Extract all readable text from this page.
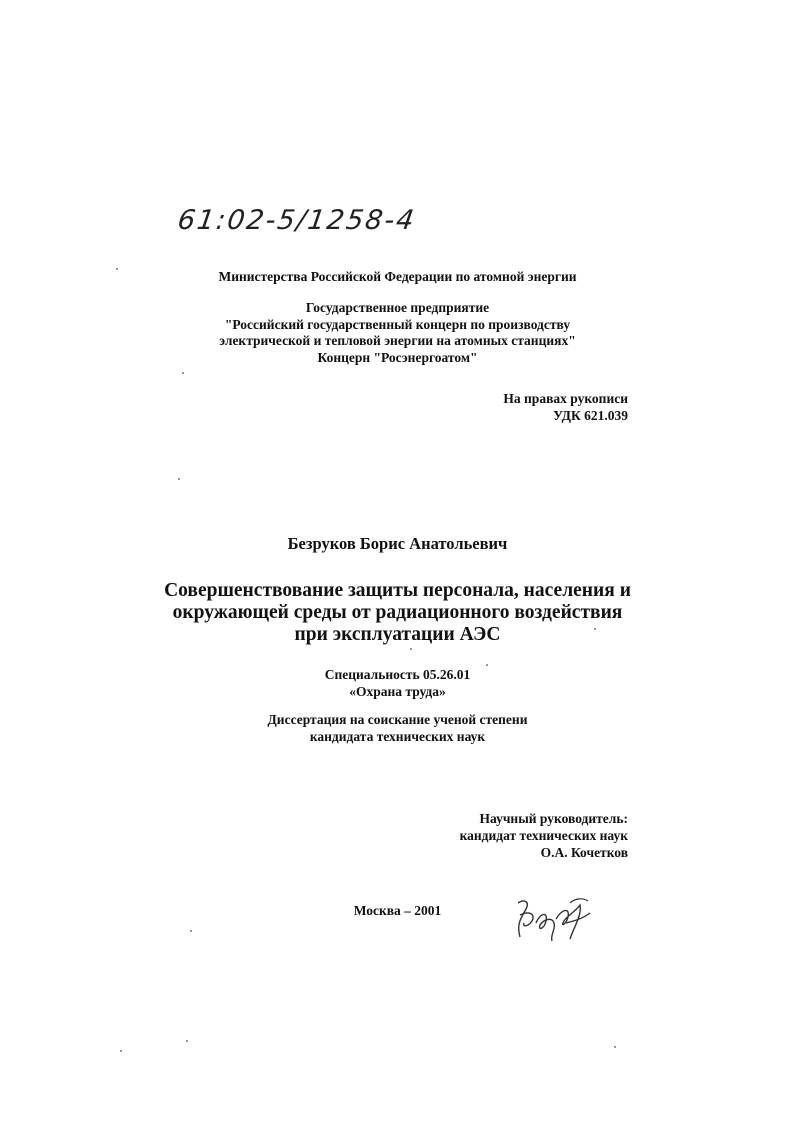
61:02-5/1258-4
Министерства Российской Федерации по атомной энергии
Государственное предприятие
"Российский государственный концерн по производству
электрической и тепловой энергии на атомных станциях"
Концерн "Росэнергоатом"
На правах рукописи
УДК 621.039
Безруков Борис Анатольевич
Совершенствование защиты персонала, населения и
окружающей среды от радиационного воздействия
при эксплуатации АЭС
Специальность 05.26.01
«Охрана труда»
Диссертация на соискание ученой степени
кандидата технических наук
Научный руководитель:
кандидат технических наук
О.А. Кочетков
Москва – 2001
